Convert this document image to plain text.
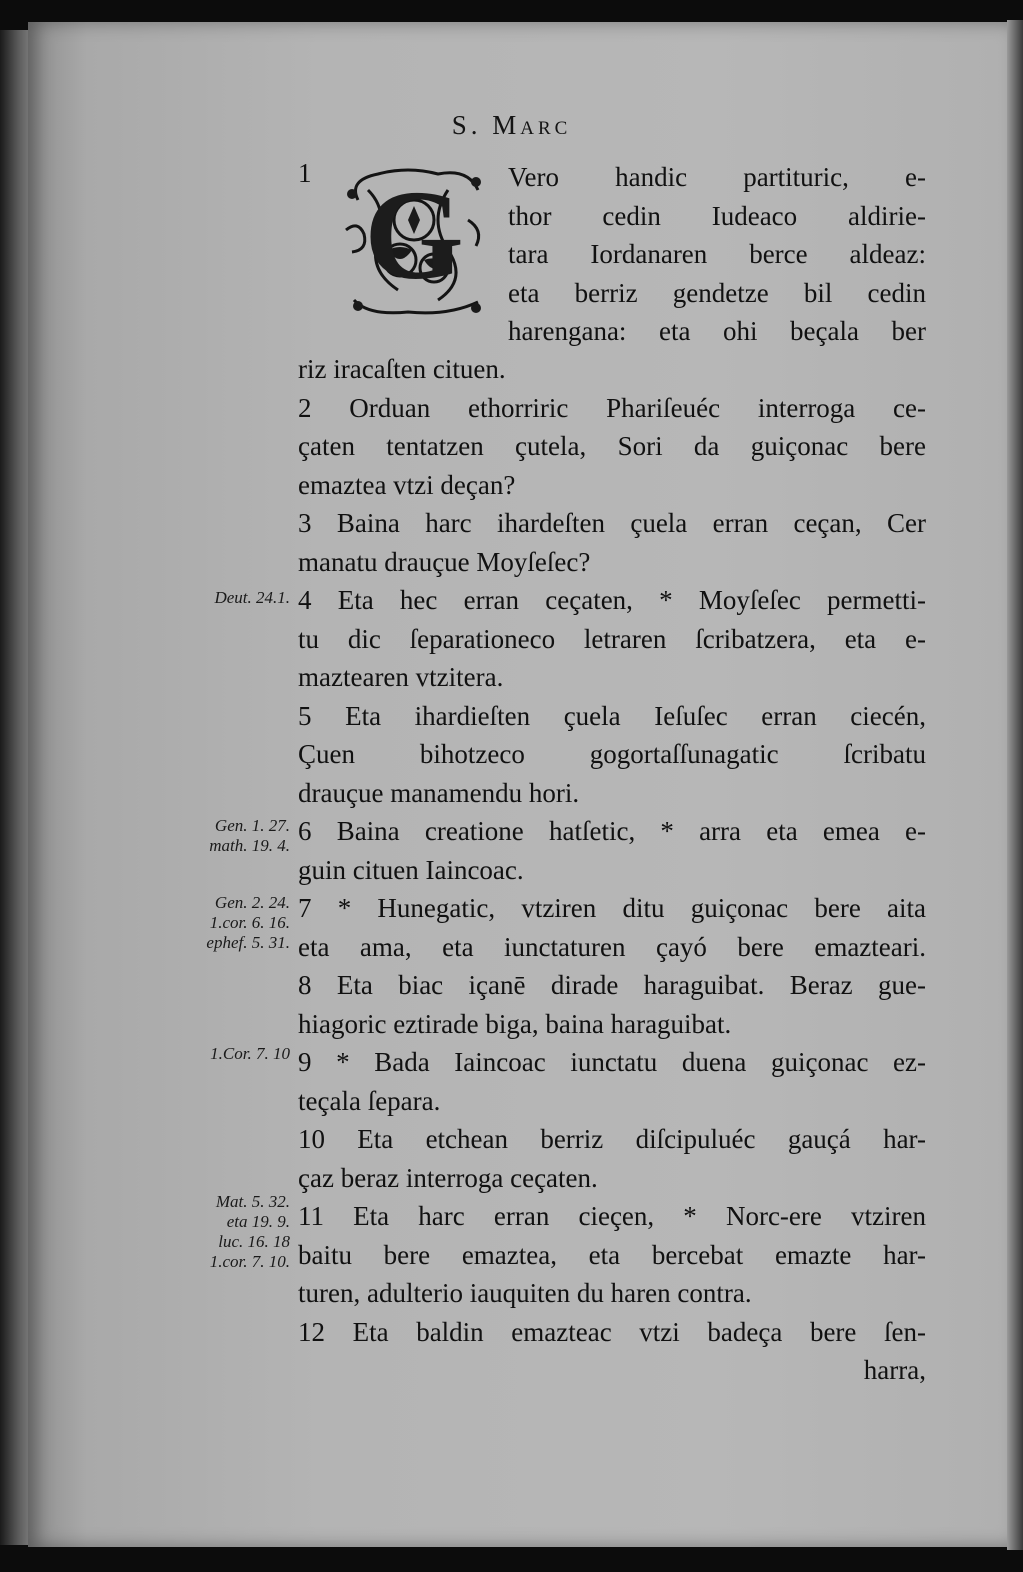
S. Marc
1 G Vero handic partituric, e-
thor cedin Iudeaco aldirie-
tara Iordanaren berce aldeaz:
eta berriz gendetze bil cedin
harengana: eta ohi beçala ber
riz iracaſten cituen.
2 Orduan ethorriric Phariſeuéc interroga ce-
çaten tentatzen çutela, Sori da guiçonac bere
emaztea vtzi deçan?
3 Baina harc ihardeſten çuela erran ceçan, Cer
manatu drauçue Moyſeſec?
4 Eta hec erran ceçaten, * Moyſeſec permetti-
tu dic ſeparationeco letraren ſcribatzera, eta e-
maztearen vtzitera.
5 Eta ihardieſten çuela Ieſuſec erran ciecén,
Çuen bihotzeco gogortaſſunagatic ſcribatu
drauçue manamendu hori.
6 Baina creatione hatſetic, * arra eta emea e-
guin cituen Iaincoac.
7 * Hunegatic, vtziren ditu guiçonac bere aita
eta ama, eta iunctaturen çayó bere emazteari.
8 Eta biac içanē dirade haraguibat. Beraz gue-
hiagoric eztirade biga, baina haraguibat.
9 * Bada Iaincoac iunctatu duena guiçonac ez-
teçala ſepara.
10 Eta etchean berriz diſcipuluéc gauçá har-
çaz beraz interroga ceçaten.
11 Eta harc erran cieçen, * Norc-ere vtziren
baitu bere emaztea, eta bercebat emazte har-
turen, adulterio iauquiten du haren contra.
12 Eta baldin emazteac vtzi badeça bere ſen-
harra,
Deut. 24.1.
Gen. 1. 27.
math. 19. 4.
Gen. 2. 24.
1.cor. 6. 16.
ephef. 5. 31.
1.Cor. 7. 10
Mat. 5. 32.
eta 19. 9.
luc. 16. 18
1.cor. 7. 10.
